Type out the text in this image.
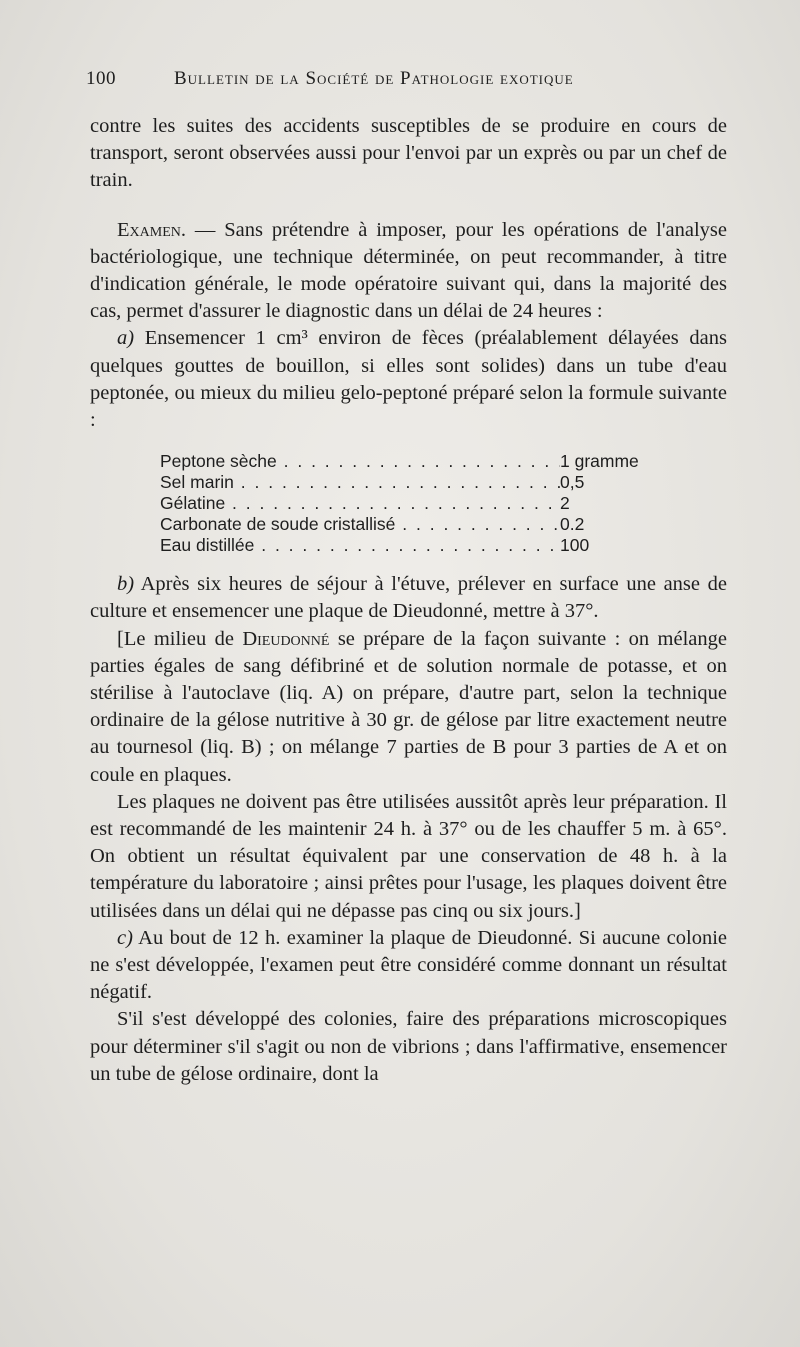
100	Bulletin de la Société de Pathologie exotique

contre les suites des accidents susceptibles de se produire en cours de transport, seront observées aussi pour l'envoi par un exprès ou par un chef de train.

Examen. — Sans prétendre à imposer, pour les opérations de l'analyse bactériologique, une technique déterminée, on peut recommander, à titre d'indication générale, le mode opératoire suivant qui, dans la majorité des cas, permet d'assurer le diagnostic dans un délai de 24 heures :

a) Ensemencer 1 cm³ environ de fèces (préalablement délayées dans quelques gouttes de bouillon, si elles sont solides) dans un tube d'eau peptonée, ou mieux du milieu gelo-peptoné préparé selon la formule suivante :

Peptone sèche . . .	1 gramme
Sel marin . . .	0,5
Gélatine . . .	2
Carbonate de soude cristallisé . . .	0.2
Eau distillée . . .	100

b) Après six heures de séjour à l'étuve, prélever en surface une anse de culture et ensemencer une plaque de Dieudonné, mettre à 37°.

[Le milieu de Dieudonné se prépare de la façon suivante : on mélange parties égales de sang défibriné et de solution normale de potasse, et on stérilise à l'autoclave (liq. A) on prépare, d'autre part, selon la technique ordinaire de la gélose nutritive à 30 gr. de gélose par litre exactement neutre au tournesol (liq. B) ; on mélange 7 parties de B pour 3 parties de A et on coule en plaques.

Les plaques ne doivent pas être utilisées aussitôt après leur préparation. Il est recommandé de les maintenir 24 h. à 37° ou de les chauffer 5 m. à 65°. On obtient un résultat équivalent par une conservation de 48 h. à la température du laboratoire ; ainsi prêtes pour l'usage, les plaques doivent être utilisées dans un délai qui ne dépasse pas cinq ou six jours.]

c) Au bout de 12 h. examiner la plaque de Dieudonné. Si aucune colonie ne s'est développée, l'examen peut être considéré comme donnant un résultat négatif.

S'il s'est développé des colonies, faire des préparations microscopiques pour déterminer s'il s'agit ou non de vibrions ; dans l'affirmative, ensemencer un tube de gélose ordinaire, dont la
